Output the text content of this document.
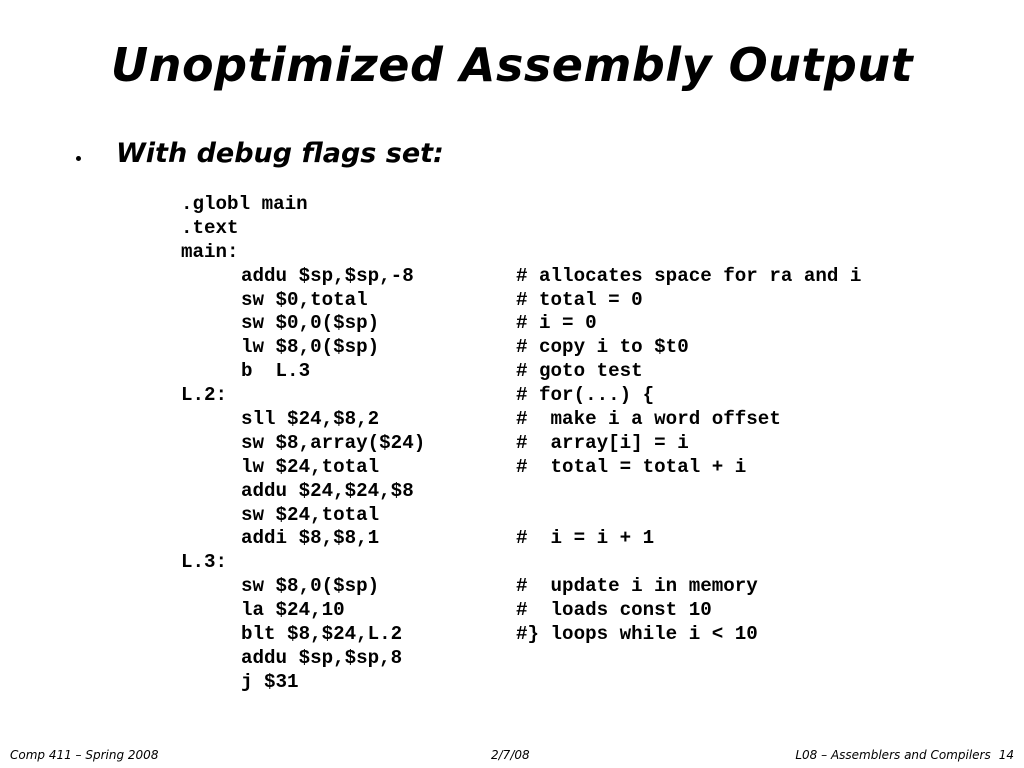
Unoptimized Assembly Output
With debug flags set:
.globl main
.text
main:
addu $sp,$sp,-8	# allocates space for ra and i
sw $0,total	# total = 0
sw $0,0($sp)	# i = 0
lw $8,0($sp)	# copy i to $t0
b  L.3	# goto test
L.2:	# for(...) {
sll $24,$8,2	#  make i a word offset
sw $8,array($24)	#  array[i] = i
lw $24,total	#  total = total + i
addu $24,$24,$8
sw $24,total
addi $8,$8,1	#  i = i + 1
L.3:
sw $8,0($sp)	#  update i in memory
la $24,10	#  loads const 10
blt $8,$24,L.2	#} loops while i < 10
addu $sp,$sp,8
j $31
Comp 411 – Spring 2008	2/7/08	L08 – Assemblers and Compilers 14
